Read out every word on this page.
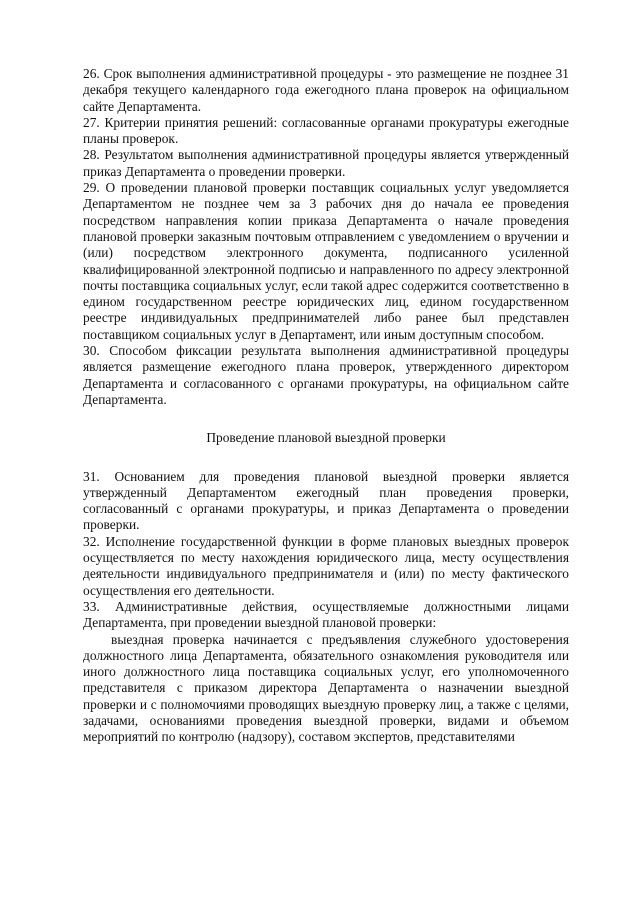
26. Срок выполнения административной процедуры - это размещение не позднее 31 декабря текущего календарного года ежегодного плана проверок на официальном сайте Департамента.

27. Критерии принятия решений: согласованные органами прокуратуры ежегодные планы проверок.

28. Результатом выполнения административной процедуры является утвержденный приказ Департамента о проведении проверки.

29. О проведении плановой проверки поставщик социальных услуг уведомляется Департаментом не позднее чем за 3 рабочих дня до начала ее проведения посредством направления копии приказа Департамента о начале проведения плановой проверки заказным почтовым отправлением с уведомлением о вручении и (или) посредством электронного документа, подписанного усиленной квалифицированной электронной подписью и направленного по адресу электронной почты поставщика социальных услуг, если такой адрес содержится соответственно в едином государственном реестре юридических лиц, едином государственном реестре индивидуальных предпринимателей либо ранее был представлен поставщиком социальных услуг в Департамент, или иным доступным способом.

30. Способом фиксации результата выполнения административной процедуры является размещение ежегодного плана проверок, утвержденного директором Департамента и согласованного с органами прокуратуры, на официальном сайте Департамента.

Проведение плановой выездной проверки

31. Основанием для проведения плановой выездной проверки является утвержденный Департаментом ежегодный план проведения проверки, согласованный с органами прокуратуры, и приказ Департамента о проведении проверки.

32. Исполнение государственной функции в форме плановых выездных проверок осуществляется по месту нахождения юридического лица, месту осуществления деятельности индивидуального предпринимателя и (или) по месту фактического осуществления его деятельности.

33. Административные действия, осуществляемые должностными лицами Департамента, при проведении выездной плановой проверки:

выездная проверка начинается с предъявления служебного удостоверения должностного лица Департамента, обязательного ознакомления руководителя или иного должностного лица поставщика социальных услуг, его уполномоченного представителя с приказом директора Департамента о назначении выездной проверки и с полномочиями проводящих выездную проверку лиц, а также с целями, задачами, основаниями проведения выездной проверки, видами и объемом мероприятий по контролю (надзору), составом экспертов, представителями
